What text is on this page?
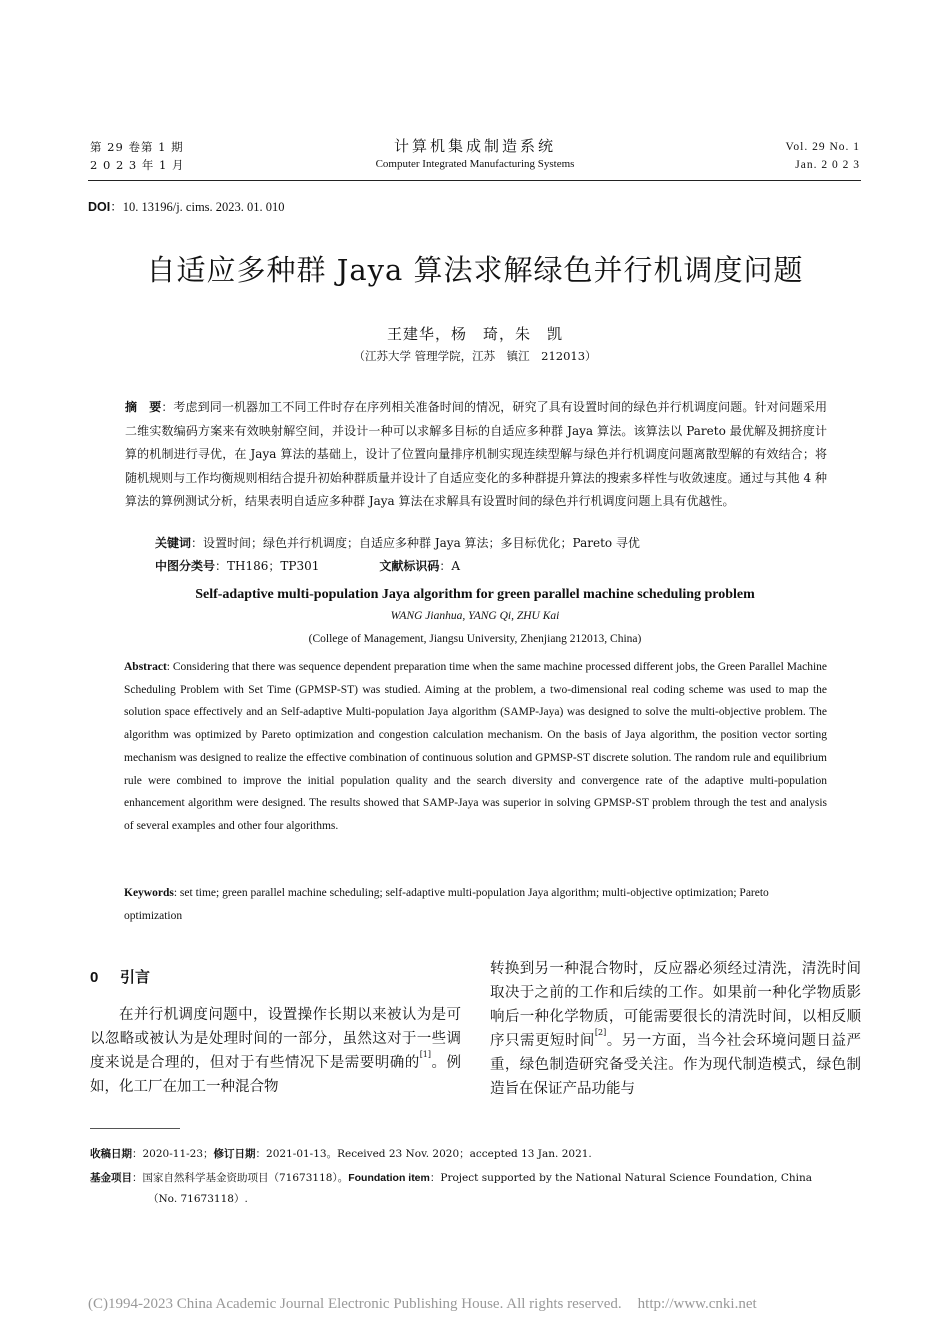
第 29 卷第 1 期
2 0 2 3 年 1 月
计算机集成制造系统
Computer Integrated Manufacturing Systems
Vol. 29 No. 1
Jan. 2 0 2 3
DOI：10. 13196/j. cims. 2023. 01. 010
自适应多种群 Jaya 算法求解绿色并行机调度问题
王建华，杨　琦，朱　凯
（江苏大学 管理学院，江苏　镇江　212013）
摘　要：考虑到同一机器加工不同工件时存在序列相关准备时间的情况，研究了具有设置时间的绿色并行机调度问题。针对问题采用二维实数编码方案来有效映射解空间，并设计一种可以求解多目标的自适应多种群 Jaya 算法。该算法以 Pareto 最优解及拥挤度计算的机制进行寻优，在 Jaya 算法的基础上，设计了位置向量排序机制实现连续型解与绿色并行机调度问题离散型解的有效结合；将随机规则与工作均衡规则相结合提升初始种群质量并设计了自适应变化的多种群提升算法的搜索多样性与收敛速度。通过与其他 4 种算法的算例测试分析，结果表明自适应多种群 Jaya 算法在求解具有设置时间的绿色并行机调度问题上具有优越性。
关键词：设置时间；绿色并行机调度；自适应多种群 Jaya 算法；多目标优化；Pareto 寻优
中图分类号：TH186；TP301	文献标识码：A
Self-adaptive multi-population Jaya algorithm for green parallel machine scheduling problem
WANG Jianhua, YANG Qi, ZHU Kai
(College of Management, Jiangsu University, Zhenjiang 212013, China)
Abstract: Considering that there was sequence dependent preparation time when the same machine processed different jobs, the Green Parallel Machine Scheduling Problem with Set Time (GPMSP-ST) was studied. Aiming at the problem, a two-dimensional real coding scheme was used to map the solution space effectively and an Self-adaptive Multi-population Jaya algorithm (SAMP-Jaya) was designed to solve the multi-objective problem. The algorithm was optimized by Pareto optimization and congestion calculation mechanism. On the basis of Jaya algorithm, the position vector sorting mechanism was designed to realize the effective combination of continuous solution and GPMSP-ST discrete solution. The random rule and equilibrium rule were combined to improve the initial population quality and the search diversity and convergence rate of the adaptive multi-population enhancement algorithm were designed. The results showed that SAMP-Jaya was superior in solving GPMSP-ST problem through the test and analysis of several examples and other four algorithms.
Keywords: set time; green parallel machine scheduling; self-adaptive multi-population Jaya algorithm; multi-objective optimization; Pareto optimization
0 引言
在并行机调度问题中，设置操作长期以来被认为是可以忽略或被认为是处理时间的一部分，虽然这对于一些调度来说是合理的，但对于有些情况下是需要明确的[1]。例如，化工厂在加工一种混合物
转换到另一种混合物时，反应器必须经过清洗，清洗时间取决于之前的工作和后续的工作。如果前一种化学物质影响后一种化学物质，可能需要很长的清洗时间，以相反顺序只需更短时间[2]。另一方面，当今社会环境问题日益严重，绿色制造研究备受关注。作为现代制造模式，绿色制造旨在保证产品功能与
收稿日期：2020-11-23；修订日期：2021-01-13。Received 23 Nov. 2020；accepted 13 Jan. 2021.
基金项目：国家自然科学基金资助项目（71673118）。Foundation item：Project supported by the National Natural Science Foundation, China
（No. 71673118）.
(C)1994-2023 China Academic Journal Electronic Publishing House. All rights reserved. http://www.cnki.net
